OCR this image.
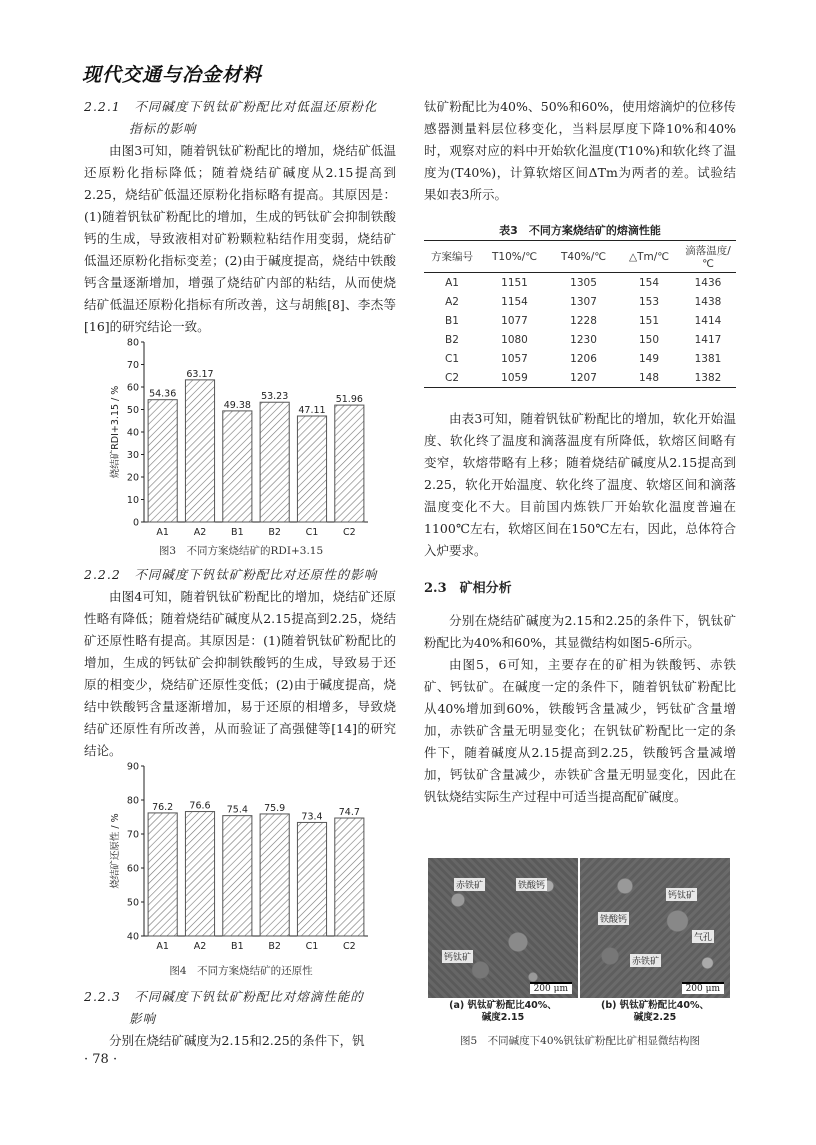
现代交通与冶金材料

2.2.1　不同碱度下钒钛矿粉配比对低温还原粉化

指标的影响

由图3可知，随着钒钛矿粉配比的增加，烧结矿低温还原粉化指标降低；随着烧结矿碱度从2.15提高到2.25，烧结矿低温还原粉化指标略有提高。其原因是：(1)随着钒钛矿粉配比的增加，生成的钙钛矿会抑制铁酸钙的生成，导致液相对矿粉颗粒粘结作用变弱，烧结矿低温还原粉化指标变差；(2)由于碱度提高，烧结中铁酸钙含量逐渐增加，增强了烧结矿内部的粘结，从而使烧结矿低温还原粉化指标有所改善，这与胡熊[8]、李杰等[16]的研究结论一致。

0
10
20
30
40
50
60
70
80
烧结矿RDI+3.15 / %	54.36
A1
63.17
A2
49.38
B1
53.23
B2
47.11
C1
51.96
C2
图3　不同方案烧结矿的RDI+3.15

2.2.2　不同碱度下钒钛矿粉配比对还原性的影响

由图4可知，随着钒钛矿粉配比的增加，烧结矿还原性略有降低；随着烧结矿碱度从2.15提高到2.25，烧结矿还原性略有提高。其原因是：(1)随着钒钛矿粉配比的增加，生成的钙钛矿会抑制铁酸钙的生成，导致易于还原的相变少，烧结矿还原性变低；(2)由于碱度提高，烧结中铁酸钙含量逐渐增加，易于还原的相增多，导致烧结矿还原性有所改善，从而验证了高强健等[14]的研究结论。

40
50
60
70
80
90
烧结矿还原性 / %
76.2
A1
76.6
A2
75.4
B1
75.9
B2
73.4
C1
74.7
C2
图4　不同方案烧结矿的还原性

2.2.3　不同碱度下钒钛矿粉配比对熔滴性能的

影响

分别在烧结矿碱度为2.15和2.25的条件下，钒

· 78 ·

钛矿粉配比为40%、50%和60%，使用熔滴炉的位移传感器测量料层位移变化，当料层厚度下降10%和40%时，观察对应的料中开始软化温度(T10%)和软化终了温度为(T40%)，计算软熔区间ΔTm为两者的差。试验结果如表3所示。

表3　不同方案烧结矿的熔滴性能
方案编号	T10%/℃	T40%/℃	△Tm/℃	滴落温度/℃
A1	1151	1305	154	1436
A2	1154	1307	153	1438
B1	1077	1228	151	1414
B2	1080	1230	150	1417
C1	1057	1206	149	1381
C2	1059	1207	148	1382

由表3可知，随着钒钛矿粉配比的增加，软化开始温度、软化终了温度和滴落温度有所降低，软熔区间略有变窄，软熔带略有上移；随着烧结矿碱度从2.15提高到2.25，软化开始温度、软化终了温度、软熔区间和滴落温度变化不大。目前国内炼铁厂开始软化温度普遍在1100℃左右，软熔区间在150℃左右，因此，总体符合入炉要求。

2.3　矿相分析

分别在烧结矿碱度为2.15和2.25的条件下，钒钛矿粉配比为40%和60%，其显微结构如图5-6所示。

由图5，6可知，主要存在的矿相为铁酸钙、赤铁矿、钙钛矿。在碱度一定的条件下，随着钒钛矿粉配比从40%增加到60%，铁酸钙含量减少，钙钛矿含量增加，赤铁矿含量无明显变化；在钒钛矿粉配比一定的条件下，随着碱度从2.15提高到2.25，铁酸钙含量减增加，钙钛矿含量减少，赤铁矿含量无明显变化，因此在钒钛烧结实际生产过程中可适当提高配矿碱度。

赤铁矿	铁酸钙
钙钛矿
200 μm
钙钛矿
铁酸钙
气孔
赤铁矿
200 μm
(a) 钒钛矿粉配比40%、
碱度2.15
(b) 钒钛矿粉配比40%、
碱度2.25
图5　不同碱度下40%钒钛矿粉配比矿相显微结构图
